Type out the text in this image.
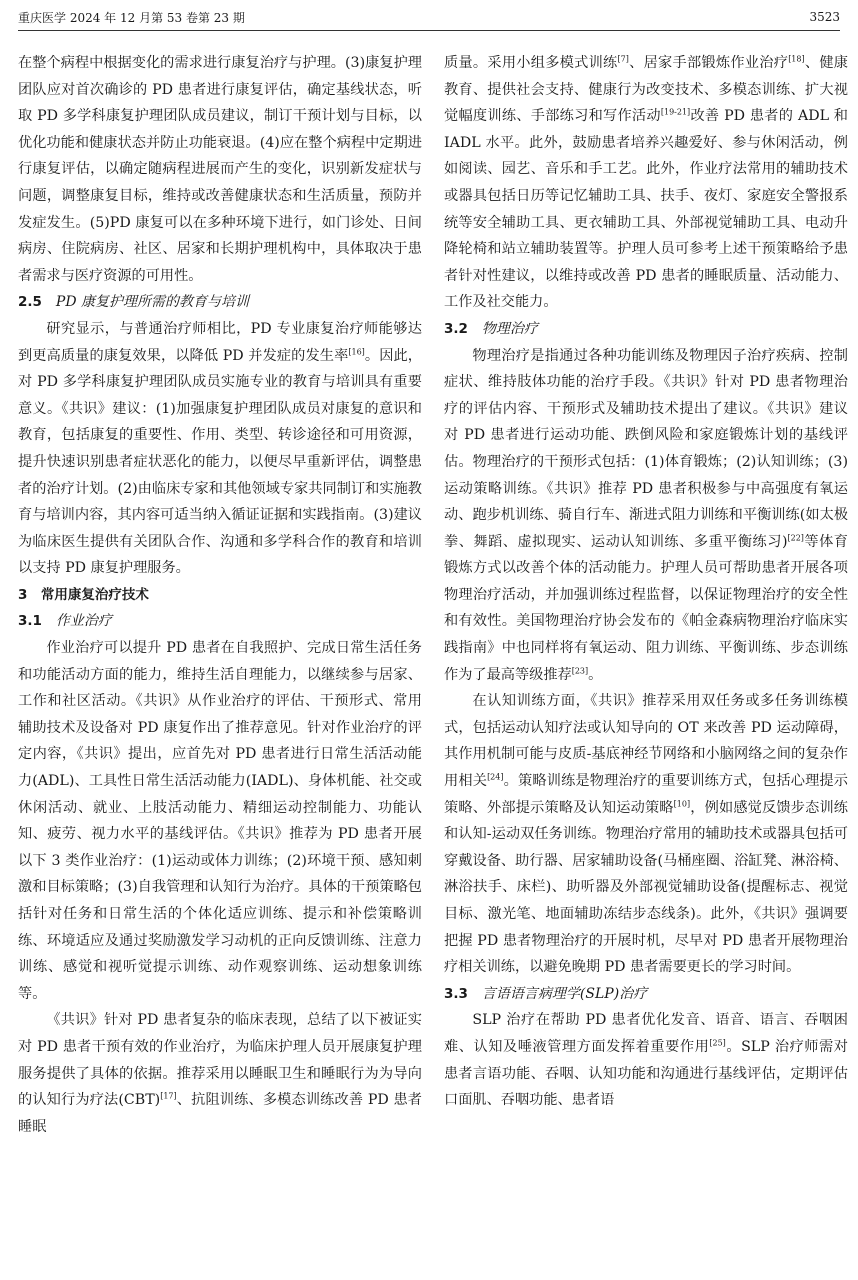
重庆医学 2024 年 12 月第 53 卷第 23 期	3523

在整个病程中根据变化的需求进行康复治疗与护理。(3)康复护理团队应对首次确诊的 PD 患者进行康复评估，确定基线状态，听取 PD 多学科康复护理团队成员建议，制订干预计划与目标，以优化功能和健康状态并防止功能衰退。(4)应在整个病程中定期进行康复评估，以确定随病程进展而产生的变化，识别新发症状与问题，调整康复目标，维持或改善健康状态和生活质量，预防并发症发生。(5)PD 康复可以在多种环境下进行，如门诊处、日间病房、住院病房、社区、居家和长期护理机构中，具体取决于患者需求与医疗资源的可用性。

2.5 PD 康复护理所需的教育与培训

研究显示，与普通治疗师相比，PD 专业康复治疗师能够达到更高质量的康复效果，以降低 PD 并发症的发生率[16]。因此，对 PD 多学科康复护理团队成员实施专业的教育与培训具有重要意义。《共识》建议：(1)加强康复护理团队成员对康复的意识和教育，包括康复的重要性、作用、类型、转诊途径和可用资源，提升快速识别患者症状恶化的能力，以便尽早重新评估，调整患者的治疗计划。(2)由临床专家和其他领域专家共同制订和实施教育与培训内容，其内容可适当纳入循证证据和实践指南。(3)建议为临床医生提供有关团队合作、沟通和多学科合作的教育和培训以支持 PD 康复护理服务。

3　常用康复治疗技术

3.1 作业治疗

作业治疗可以提升 PD 患者在自我照护、完成日常生活任务和功能活动方面的能力，维持生活自理能力，以继续参与居家、工作和社区活动。《共识》从作业治疗的评估、干预形式、常用辅助技术及设备对 PD 康复作出了推荐意见。针对作业治疗的评定内容，《共识》提出，应首先对 PD 患者进行日常生活活动能力(ADL)、工具性日常生活活动能力(IADL)、身体机能、社交或休闲活动、就业、上肢活动能力、精细运动控制能力、功能认知、疲劳、视力水平的基线评估。《共识》推荐为 PD 患者开展以下 3 类作业治疗：(1)运动或体力训练；(2)环境干预、感知刺激和目标策略；(3)自我管理和认知行为治疗。具体的干预策略包括针对任务和日常生活的个体化适应训练、提示和补偿策略训练、环境适应及通过奖励激发学习动机的正向反馈训练、注意力训练、感觉和视听觉提示训练、动作观察训练、运动想象训练等。

《共识》针对 PD 患者复杂的临床表现，总结了以下被证实对 PD 患者干预有效的作业治疗，为临床护理人员开展康复护理服务提供了具体的依据。推荐采用以睡眠卫生和睡眠行为为导向的认知行为疗法(CBT)[17]、抗阻训练、多模态训练改善 PD 患者睡眠

质量。采用小组多模式训练[7]、居家手部锻炼作业治疗[18]、健康教育、提供社会支持、健康行为改变技术、多模态训练、扩大视觉幅度训练、手部练习和写作活动[19-21]改善 PD 患者的 ADL 和 IADL 水平。此外，鼓励患者培养兴趣爱好、参与休闲活动，例如阅读、园艺、音乐和手工艺。此外，作业疗法常用的辅助技术或器具包括日历等记忆辅助工具、扶手、夜灯、家庭安全警报系统等安全辅助工具、更衣辅助工具、外部视觉辅助工具、电动升降轮椅和站立辅助装置等。护理人员可参考上述干预策略给予患者针对性建议，以维持或改善 PD 患者的睡眠质量、活动能力、工作及社交能力。

3.2 物理治疗

物理治疗是指通过各种功能训练及物理因子治疗疾病、控制症状、维持肢体功能的治疗手段。《共识》针对 PD 患者物理治疗的评估内容、干预形式及辅助技术提出了建议。《共识》建议对 PD 患者进行运动功能、跌倒风险和家庭锻炼计划的基线评估。物理治疗的干预形式包括：(1)体育锻炼；(2)认知训练；(3)运动策略训练。《共识》推荐 PD 患者积极参与中高强度有氧运动、跑步机训练、骑自行车、渐进式阻力训练和平衡训练(如太极拳、舞蹈、虚拟现实、运动认知训练、多重平衡练习)[22]等体育锻炼方式以改善个体的活动能力。护理人员可帮助患者开展各项物理治疗活动，并加强训练过程监督，以保证物理治疗的安全性和有效性。美国物理治疗协会发布的《帕金森病物理治疗临床实践指南》中也同样将有氧运动、阻力训练、平衡训练、步态训练作为了最高等级推荐[23]。

在认知训练方面，《共识》推荐采用双任务或多任务训练模式，包括运动认知疗法或认知导向的 OT 来改善 PD 运动障碍，其作用机制可能与皮质-基底神经节网络和小脑网络之间的复杂作用相关[24]。策略训练是物理治疗的重要训练方式，包括心理提示策略、外部提示策略及认知运动策略[10]，例如感觉反馈步态训练和认知-运动双任务训练。物理治疗常用的辅助技术或器具包括可穿戴设备、助行器、居家辅助设备(马桶座圈、浴缸凳、淋浴椅、淋浴扶手、床栏)、助听器及外部视觉辅助设备(提醒标志、视觉目标、激光笔、地面辅助冻结步态线条)。此外，《共识》强调要把握 PD 患者物理治疗的开展时机，尽早对 PD 患者开展物理治疗相关训练，以避免晚期 PD 患者需要更长的学习时间。

3.3 言语语言病理学(SLP)治疗

SLP 治疗在帮助 PD 患者优化发音、语音、语言、吞咽困难、认知及唾液管理方面发挥着重要作用[25]。SLP 治疗师需对患者言语功能、吞咽、认知功能和沟通进行基线评估，定期评估口面肌、吞咽功能、患者语
